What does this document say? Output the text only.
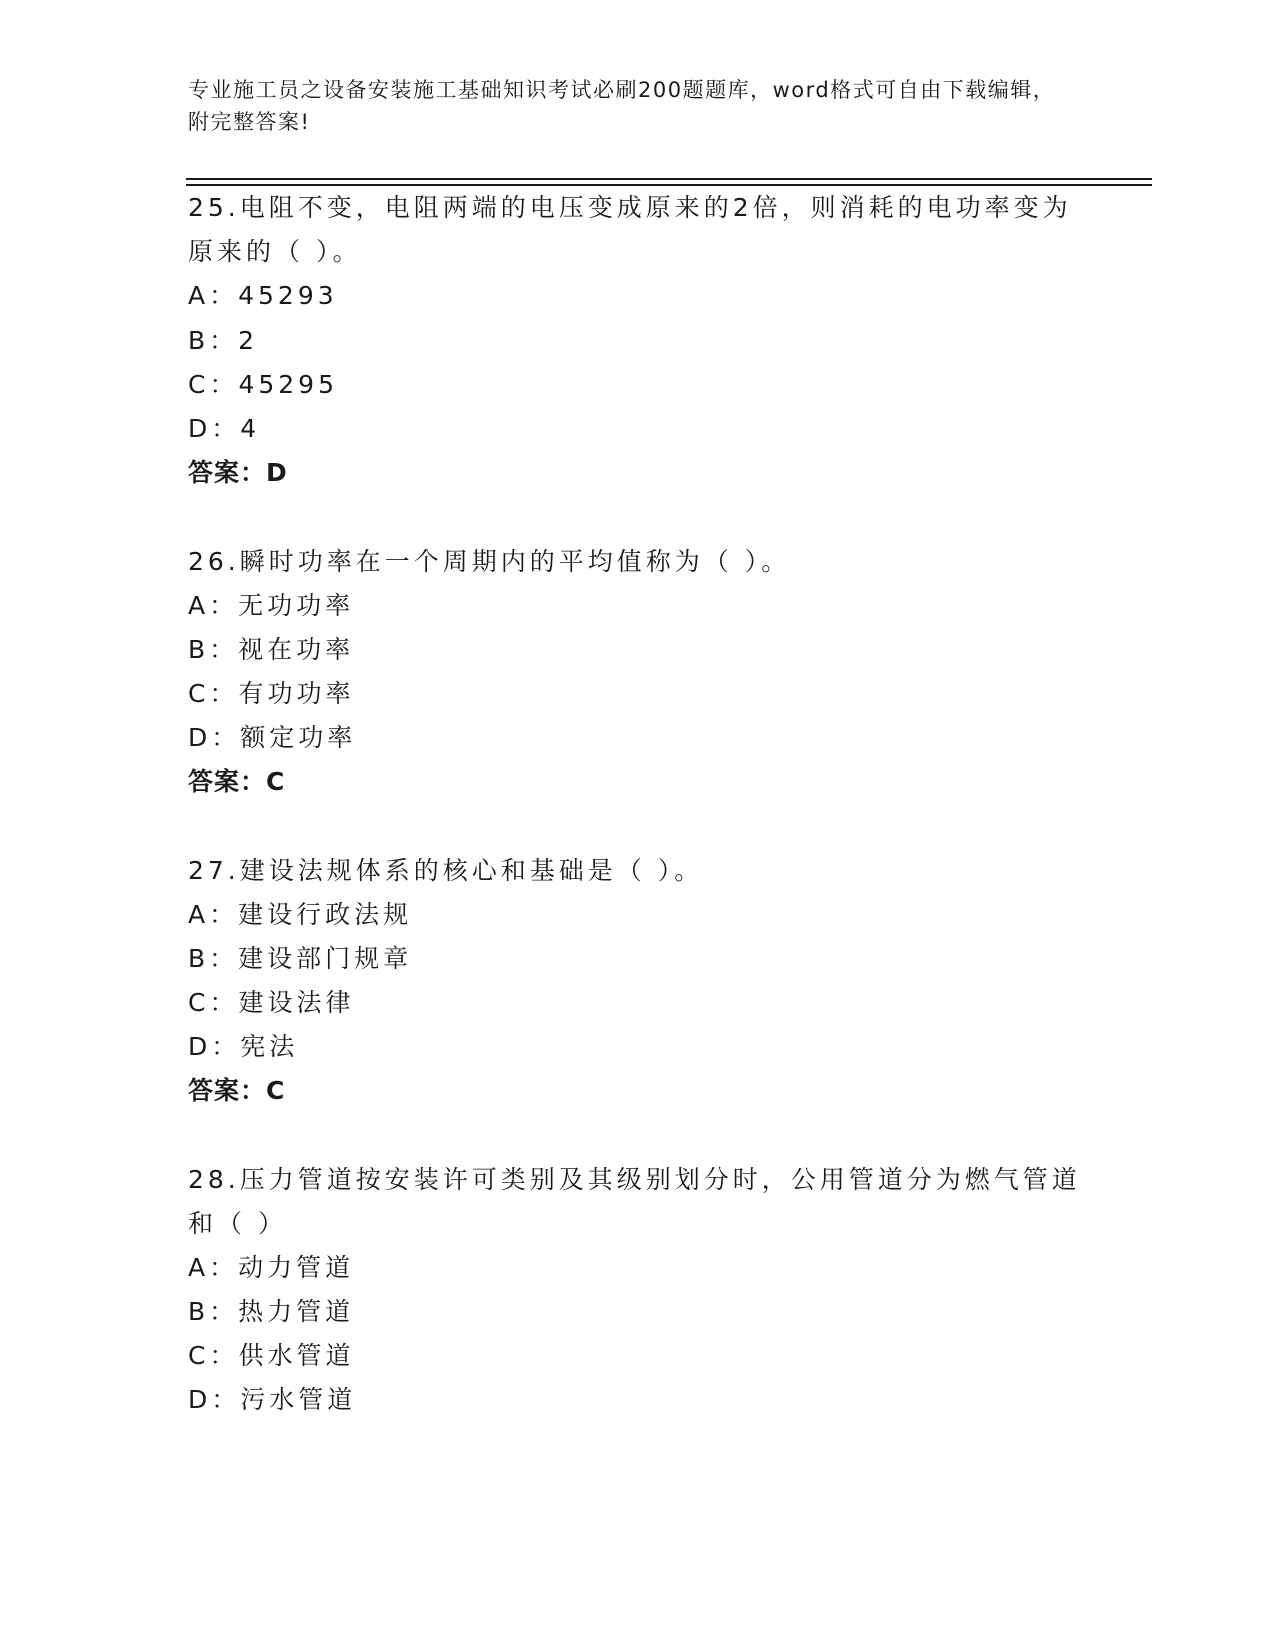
专业施工员之设备安装施工基础知识考试必刷200题题库，word格式可自由下载编辑，附完整答案!
25.电阻不变，电阻两端的电压变成原来的2倍，则消耗的电功率变为
原来的（ ）。
A：45293
B：2
C：45295
D：4
答案：D
26.瞬时功率在一个周期内的平均值称为（ ）。
A：无功功率
B：视在功率
C：有功功率
D：额定功率
答案：C
27.建设法规体系的核心和基础是（ ）。
A：建设行政法规
B：建设部门规章
C：建设法律
D：宪法
答案：C
28.压力管道按安装许可类别及其级别划分时，公用管道分为燃气管道
和（ ）
A：动力管道
B：热力管道
C：供水管道
D：污水管道
